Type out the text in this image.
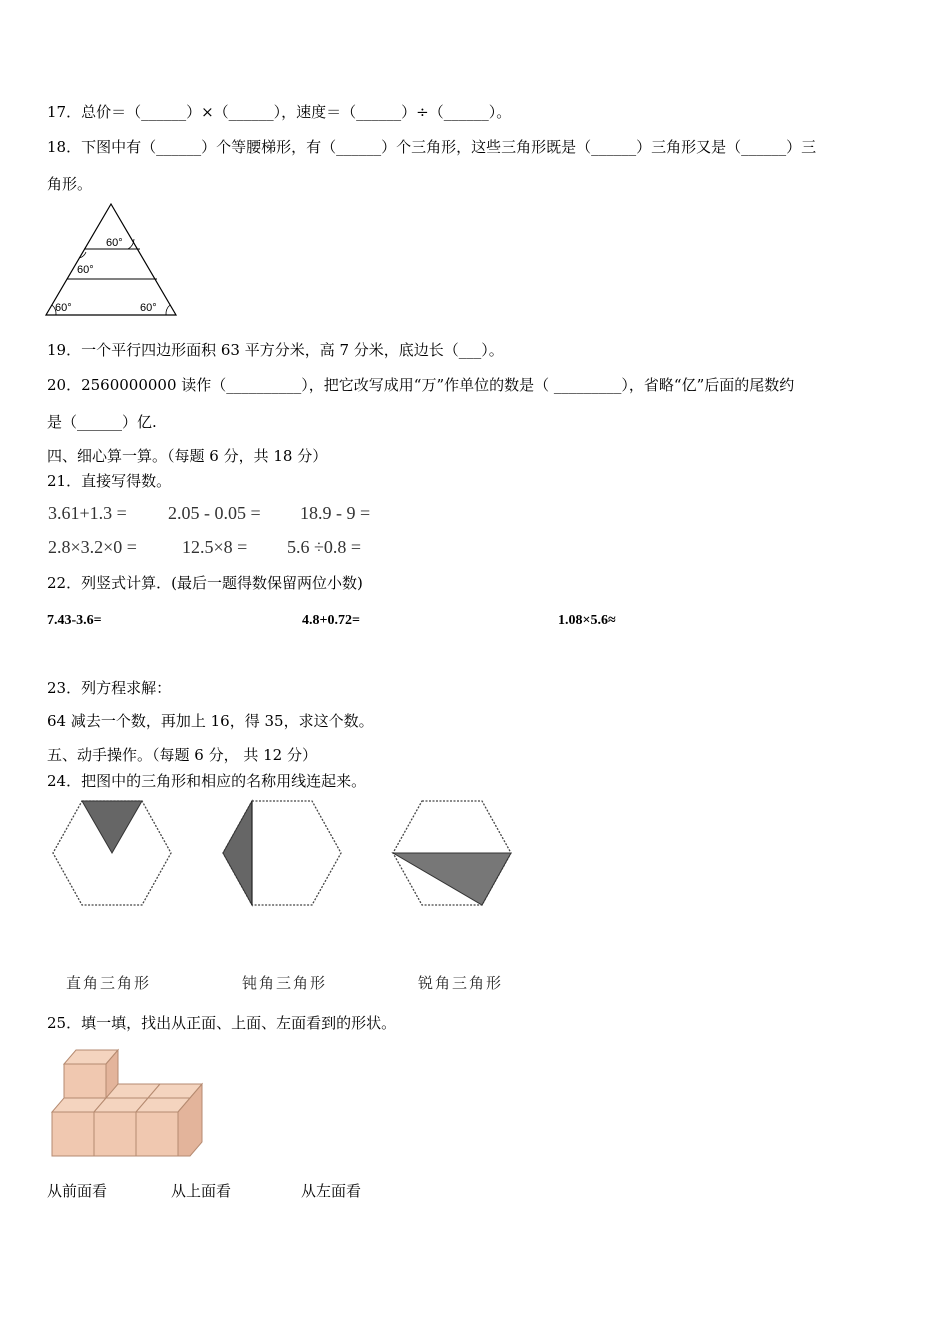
17．总价＝（______）×（______），速度＝（______）÷（______）。
18．下图中有（______）个等腰梯形，有（______）个三角形，这些三角形既是（______）三角形又是（______）三
角形。
60°
60°
60°	60°
19．一个平行四边形面积 63 平方分米，高 7 分米，底边长（___）。
20．2560000000 读作（__________），把它改写成用“万”作单位的数是（ _________），省略“亿”后面的尾数约
是（______）亿.
四、细心算一算。（每题 6 分，共 18 分）
21．直接写得数。
3.61+1.3 = 2.05 - 0.05 = 18.9 - 9 =
2.8×3.2×0 =	12.5×8 = 5.6 ÷0.8 =
22．列竖式计算．(最后一题得数保留两位小数)
7.43-3.6=	4.8+0.72=	1.08×5.6≈
23．列方程求解：
64 减去一个数，再加上 16，得 35，求这个数。
五、动手操作。（每题 6 分， 共 12 分）
24．把图中的三角形和相应的名称用线连起来。
直角三角形	钝角三角形	锐角三角形
25．填一填，找出从正面、上面、左面看到的形状。
从前面看	从上面看	从左面看
